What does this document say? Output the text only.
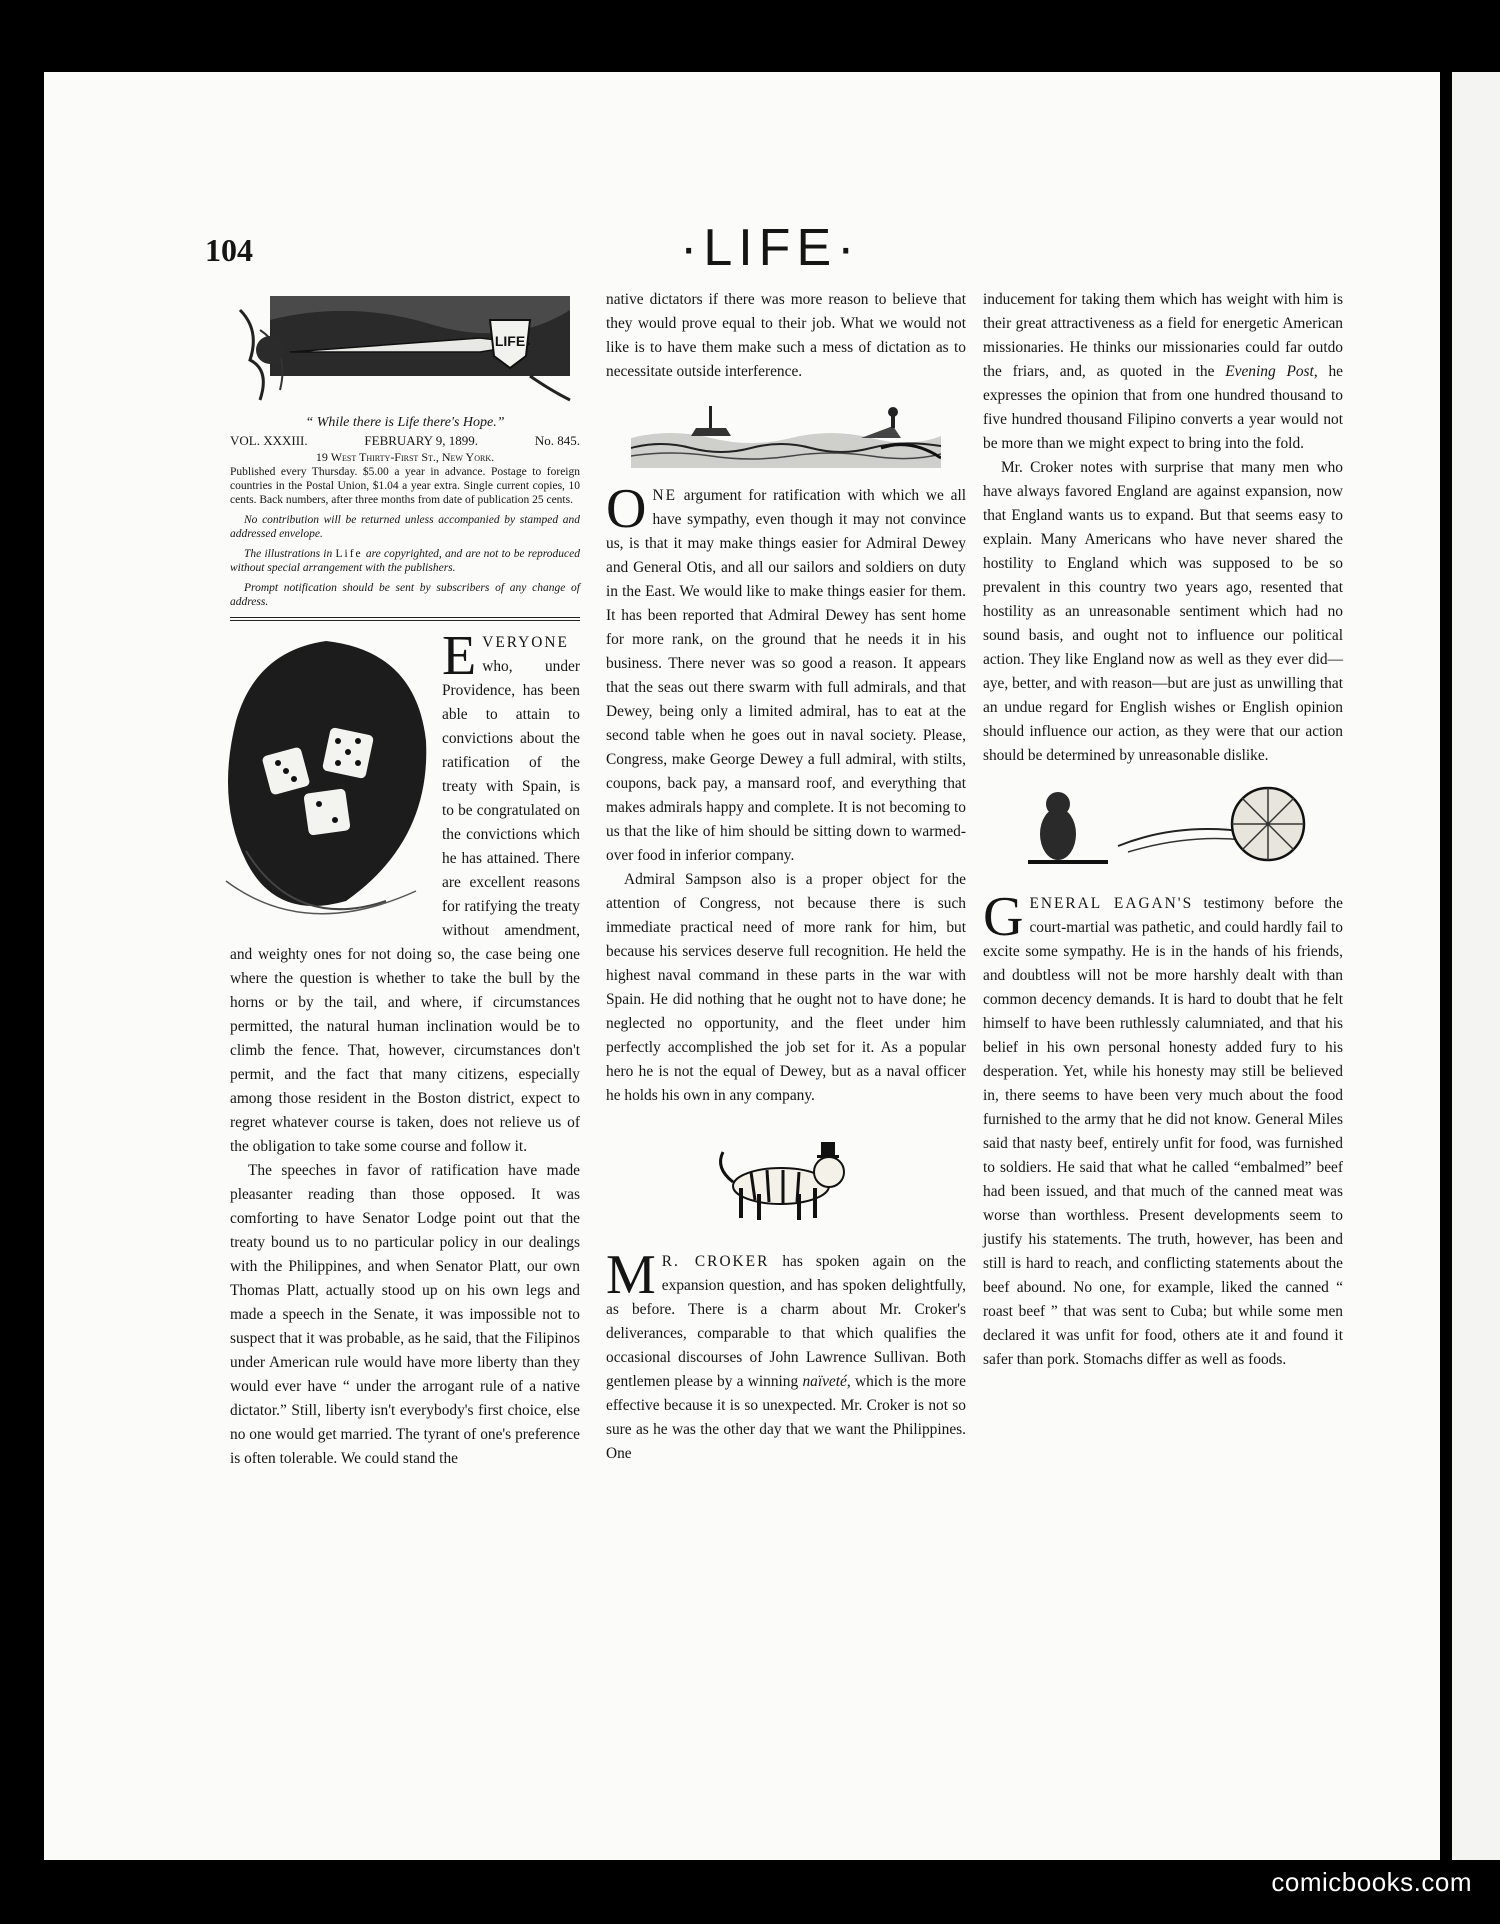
104	·LIFE·
LIFE
“ While there is Life there's Hope.”
VOL. XXXIII.	FEBRUARY 9, 1899.	No. 845.
19 West Thirty-First St., New York.

Published every Thursday. $5.00 a year in advance. Postage to foreign countries in the Postal Union, $1.04 a year extra. Single current copies, 10 cents. Back numbers, after three months from date of publication 25 cents.

No contribution will be returned unless accompanied by stamped and addressed envelope.

The illustrations in Life are copyrighted, and are not to be reproduced without special arrangement with the publishers.

Prompt notification should be sent by subscribers of any change of address.

EVERYONE who, under Providence, has been able to attain to convictions about the ratification of the treaty with Spain, is to be congratulated on the convictions which he has attained. There are excellent reasons for ratifying the treaty without amendment, and weighty ones for not doing so, the case being one where the question is whether to take the bull by the horns or by the tail, and where, if circumstances permitted, the natural human inclination would be to climb the fence. That, however, circumstances don't permit, and the fact that many citizens, especially among those resident in the Boston district, expect to regret whatever course is taken, does not relieve us of the obligation to take some course and follow it.

The speeches in favor of ratification have made pleasanter reading than those opposed. It was comforting to have Senator Lodge point out that the treaty bound us to no particular policy in our dealings with the Philippines, and when Senator Platt, our own Thomas Platt, actually stood up on his own legs and made a speech in the Senate, it was impossible not to suspect that it was probable, as he said, that the Filipinos under American rule would have more liberty than they would ever have “ under the arrogant rule of a native dictator.” Still, liberty isn't everybody's first choice, else no one would get married. The tyrant of one's preference is often tolerable. We could stand the

native dictators if there was more reason to believe that they would prove equal to their job. What we would not like is to have them make such a mess of dictation as to necessitate outside interference.

ONE argument for ratification with which we all have sympathy, even though it may not convince us, is that it may make things easier for Admiral Dewey and General Otis, and all our sailors and soldiers on duty in the East. We would like to make things easier for them. It has been reported that Admiral Dewey has sent home for more rank, on the ground that he needs it in his business. There never was so good a reason. It appears that the seas out there swarm with full admirals, and that Dewey, being only a limited admiral, has to eat at the second table when he goes out in naval society. Please, Congress, make George Dewey a full admiral, with stilts, coupons, back pay, a mansard roof, and everything that makes admirals happy and complete. It is not becoming to us that the like of him should be sitting down to warmed-over food in inferior company.

Admiral Sampson also is a proper object for the attention of Congress, not because there is such immediate practical need of more rank for him, but because his services deserve full recognition. He held the highest naval command in these parts in the war with Spain. He did nothing that he ought not to have done; he neglected no opportunity, and the fleet under him perfectly accomplished the job set for it. As a popular hero he is not the equal of Dewey, but as a naval officer he holds his own in any company.

M R. CROKER has spoken again on the expansion question, and has spoken delightfully, as before. There is a charm about Mr. Croker's deliverances, comparable to that which qualifies the occasional discourses of John Lawrence Sullivan. Both gentlemen please by a winning naïveté, which is the more effective because it is so unexpected. Mr. Croker is not so sure as he was the other day that we want the Philippines. One

inducement for taking them which has weight with him is their great attractiveness as a field for energetic American missionaries. He thinks our missionaries could far outdo the friars, and, as quoted in the Evening Post, he expresses the opinion that from one hundred thousand to five hundred thousand Filipino converts a year would not be more than we might expect to bring into the fold.

Mr. Croker notes with surprise that many men who have always favored England are against expansion, now that England wants us to expand. But that seems easy to explain. Many Americans who have never shared the hostility to England which was supposed to be so prevalent in this country two years ago, resented that hostility as an unreasonable sentiment which had no sound basis, and ought not to influence our political action. They like England now as well as they ever did—aye, better, and with reason—but are just as unwilling that an undue regard for English wishes or English opinion should influence our action, as they were that our action should be determined by unreasonable dislike.

GENERAL EAGAN'S testimony before the court-martial was pathetic, and could hardly fail to excite some sympathy. He is in the hands of his friends, and doubtless will not be more harshly dealt with than common decency demands. It is hard to doubt that he felt himself to have been ruthlessly calumniated, and that his belief in his own personal honesty added fury to his desperation. Yet, while his honesty may still be believed in, there seems to have been very much about the food furnished to the army that he did not know. General Miles said that nasty beef, entirely unfit for food, was furnished to soldiers. He said that what he called “embalmed” beef had been issued, and that much of the canned meat was worse than worthless. Present developments seem to justify his statements. The truth, however, has been and still is hard to reach, and conflicting statements about the beef abound. No one, for example, liked the canned “ roast beef ” that was sent to Cuba; but while some men declared it was unfit for food, others ate it and found it safer than pork. Stomachs differ as well as foods.

comicbooks.com
